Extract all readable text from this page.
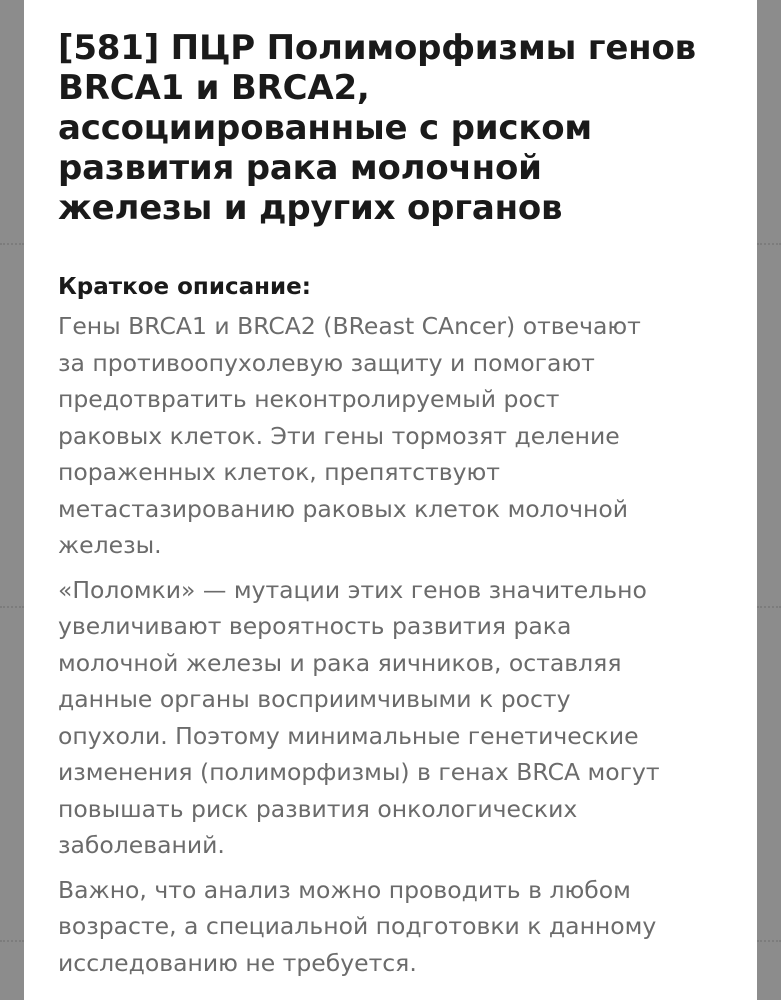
[581] ПЦР Полиморфизмы генов
BRCA1 и BRCA2,
ассоциированные с риском
развития рака молочной
железы и других органов
Краткое описание:

Гены BRCA1 и BRCA2 (BReast CAncer) отвечают
за противоопухолевую защиту и помогают
предотвратить неконтролируемый рост
раковых клеток. Эти гены тормозят деление
пораженных клеток, препятствуют
метастазированию раковых клеток молочной
железы.

«Поломки» — мутации этих генов значительно
увеличивают вероятность развития рака
молочной железы и рака яичников, оставляя
данные органы восприимчивыми к росту
опухоли. Поэтому минимальные генетические
изменения (полиморфизмы) в генах BRCA могут
повышать риск развития онкологических
заболеваний.

Важно, что анализ можно проводить в любом
возрасте, а специальной подготовки к данному
исследованию не требуется.
